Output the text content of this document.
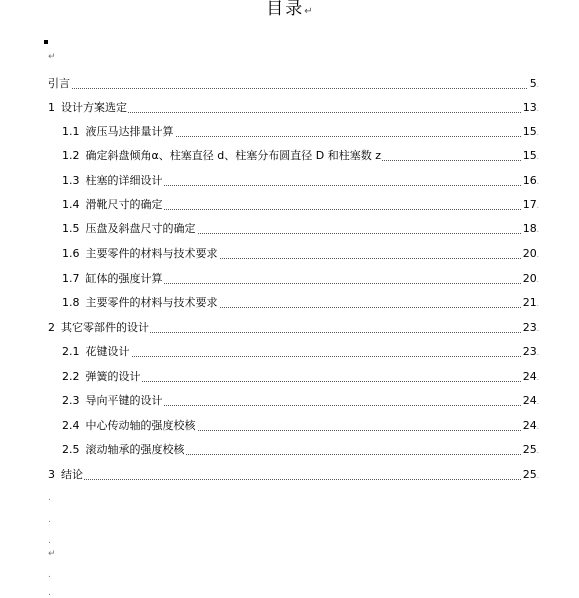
目录↵
↵
引言	5.
1 设计方案选定	13.
1.1 液压马达排量计算	15.
1.2 确定斜盘倾角α、柱塞直径 d、柱塞分布圆直径 D 和柱塞数 z	15.
1.3 柱塞的详细设计	16.
1.4 滑靴尺寸的确定	17.
1.5 压盘及斜盘尺寸的确定	18.
1.6 主要零件的材料与技术要求	20.
1.7 缸体的强度计算	20.
1.8 主要零件的材料与技术要求	21.
2 其它零部件的设计	23.
2.1 花键设计	23.
2.2 弹簧的设计	24.
2.3 导向平键的设计	24.
2.4 中心传动轴的强度校核	24.
2.5 滚动轴承的强度校核	25.
3 结论	25.
.
.
.
↵
.
.
